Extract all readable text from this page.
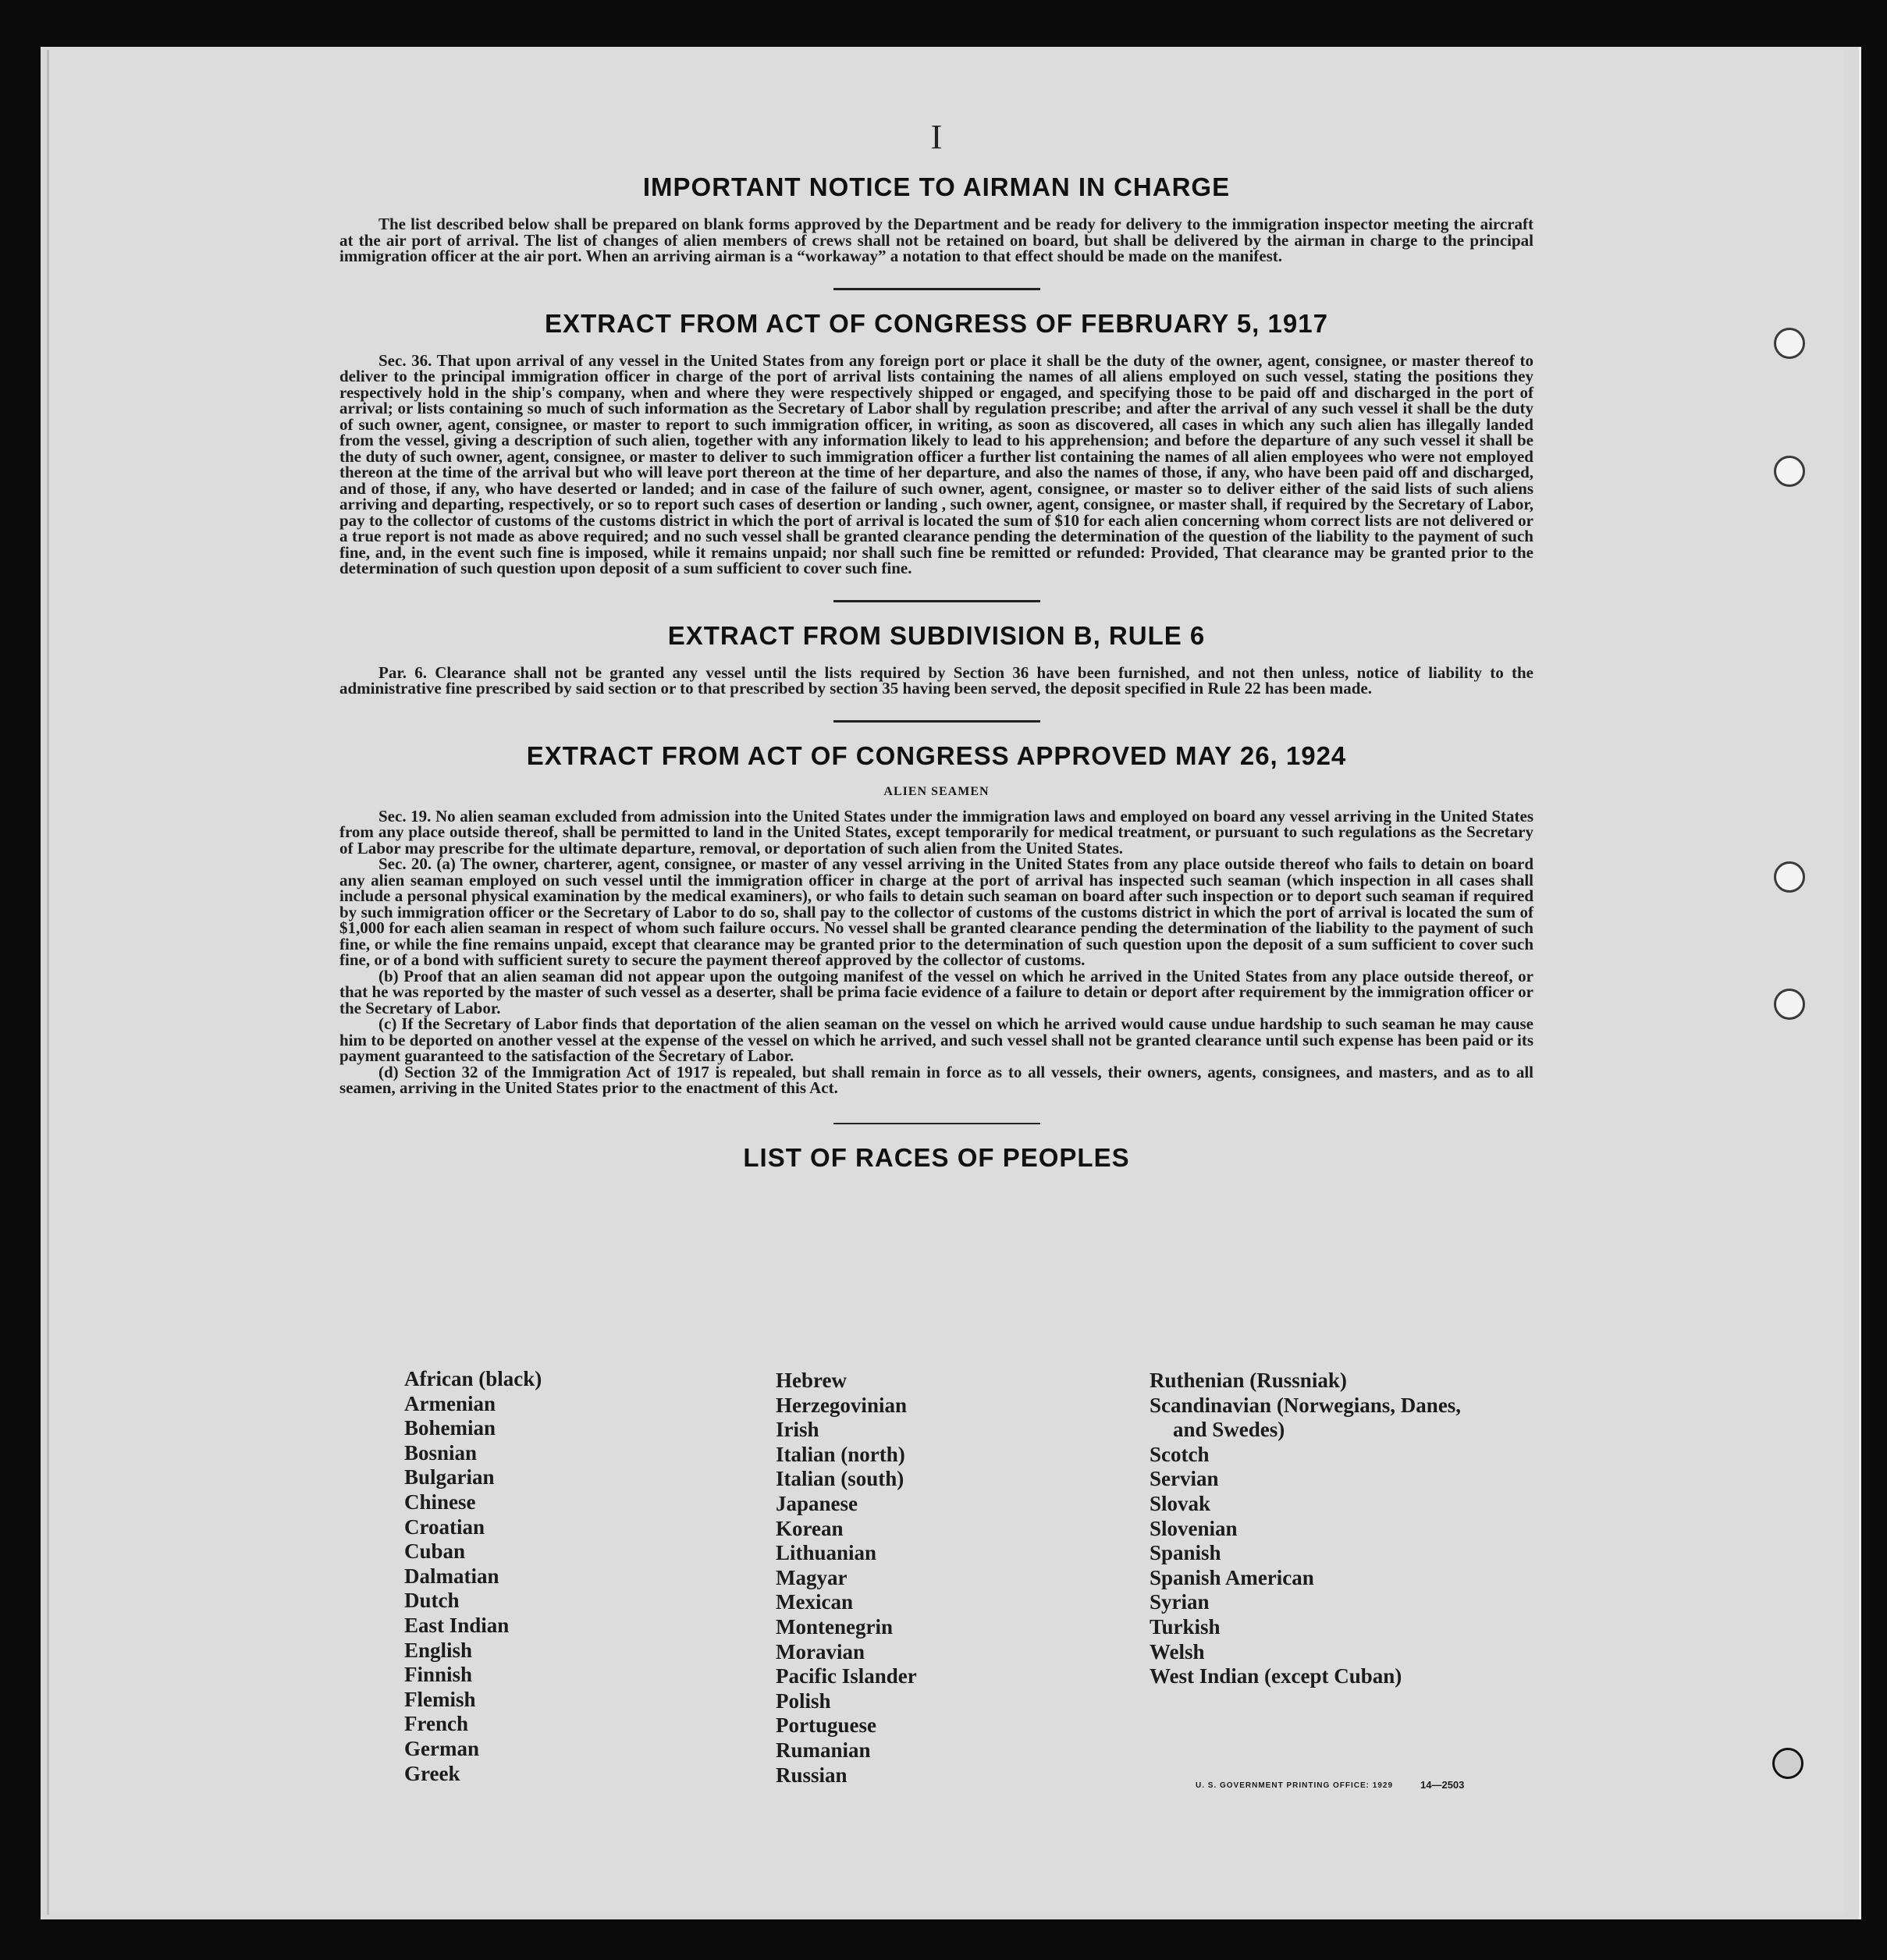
I
IMPORTANT NOTICE TO AIRMAN IN CHARGE

The list described below shall be prepared on blank forms approved by the Department and be ready for delivery to the immigration inspector meeting the aircraft at the air port of arrival. The list of changes of alien members of crews shall not be retained on board, but shall be delivered by the airman in charge to the principal immigration officer at the air port. When an arriving airman is a “workaway” a notation to that effect should be made on the manifest.

EXTRACT FROM ACT OF CONGRESS OF FEBRUARY 5, 1917

Sec. 36. That upon arrival of any vessel in the United States from any foreign port or place it shall be the duty of the owner, agent, consignee, or master thereof to deliver to the principal immigration officer in charge of the port of arrival lists containing the names of all aliens employed on such vessel, stating the positions they respectively hold in the ship's company, when and where they were respectively shipped or engaged, and specifying those to be paid off and discharged in the port of arrival; or lists containing so much of such information as the Secretary of Labor shall by regulation prescribe; and after the arrival of any such vessel it shall be the duty of such owner, agent, consignee, or master to report to such immigration officer, in writing, as soon as discovered, all cases in which any such alien has illegally landed from the vessel, giving a description of such alien, together with any information likely to lead to his apprehension; and before the departure of any such vessel it shall be the duty of such owner, agent, consignee, or master to deliver to such immigration officer a further list containing the names of all alien employees who were not employed thereon at the time of the arrival but who will leave port thereon at the time of her departure, and also the names of those, if any, who have been paid off and discharged, and of those, if any, who have deserted or landed; and in case of the failure of such owner, agent, consignee, or master so to deliver either of the said lists of such aliens arriving and departing, respectively, or so to report such cases of desertion or landing , such owner, agent, consignee, or master shall, if required by the Secretary of Labor, pay to the collector of customs of the customs district in which the port of arrival is located the sum of $10 for each alien concerning whom correct lists are not delivered or a true report is not made as above required; and no such vessel shall be granted clearance pending the determination of the question of the liability to the payment of such fine, and, in the event such fine is imposed, while it remains unpaid; nor shall such fine be remitted or refunded: Provided, That clearance may be granted prior to the determination of such question upon deposit of a sum sufficient to cover such fine.

EXTRACT FROM SUBDIVISION B, RULE 6

Par. 6. Clearance shall not be granted any vessel until the lists required by Section 36 have been furnished, and not then unless, notice of liability to the administrative fine prescribed by said section or to that prescribed by section 35 having been served, the deposit specified in Rule 22 has been made.

EXTRACT FROM ACT OF CONGRESS APPROVED MAY 26, 1924
ALIEN SEAMEN

Sec. 19. No alien seaman excluded from admission into the United States under the immigration laws and employed on board any vessel arriving in the United States from any place outside thereof, shall be permitted to land in the United States, except temporarily for medical treatment, or pursuant to such regulations as the Secretary of Labor may prescribe for the ultimate departure, removal, or deportation of such alien from the United States.

Sec. 20. (a) The owner, charterer, agent, consignee, or master of any vessel arriving in the United States from any place outside thereof who fails to detain on board any alien seaman employed on such vessel until the immigration officer in charge at the port of arrival has inspected such seaman (which inspection in all cases shall include a personal physical examination by the medical examiners), or who fails to detain such seaman on board after such inspection or to deport such seaman if required by such immigration officer or the Secretary of Labor to do so, shall pay to the collector of customs of the customs district in which the port of arrival is located the sum of $1,000 for each alien seaman in respect of whom such failure occurs. No vessel shall be granted clearance pending the determination of the liability to the payment of such fine, or while the fine remains unpaid, except that clearance may be granted prior to the determination of such question upon the deposit of a sum sufficient to cover such fine, or of a bond with sufficient surety to secure the payment thereof approved by the collector of customs.

(b) Proof that an alien seaman did not appear upon the outgoing manifest of the vessel on which he arrived in the United States from any place outside thereof, or that he was reported by the master of such vessel as a deserter, shall be prima facie evidence of a failure to detain or deport after requirement by the immigration officer or the Secretary of Labor.

(c) If the Secretary of Labor finds that deportation of the alien seaman on the vessel on which he arrived would cause undue hardship to such seaman he may cause him to be deported on another vessel at the expense of the vessel on which he arrived, and such vessel shall not be granted clearance until such expense has been paid or its payment guaranteed to the satisfaction of the Secretary of Labor.

(d) Section 32 of the Immigration Act of 1917 is repealed, but shall remain in force as to all vessels, their owners, agents, consignees, and masters, and as to all seamen, arriving in the United States prior to the enactment of this Act.

LIST OF RACES OF PEOPLES
African (black)
Armenian
Bohemian
Bosnian
Bulgarian
Chinese
Croatian
Cuban
Dalmatian
Dutch
East Indian
English
Finnish
Flemish
French
German
Greek
Hebrew
Herzegovinian
Irish
Italian (north)
Italian (south)
Japanese
Korean
Lithuanian
Magyar
Mexican
Montenegrin
Moravian
Pacific Islander
Polish
Portuguese
Rumanian
Russian
Ruthenian (Russniak)
Scandinavian (Norwegians, Danes,
and Swedes)
Scotch
Servian
Slovak
Slovenian
Spanish
Spanish American
Syrian
Turkish
Welsh
West Indian (except Cuban)
U. S. GOVERNMENT PRINTING OFFICE: 1929	14—2503
